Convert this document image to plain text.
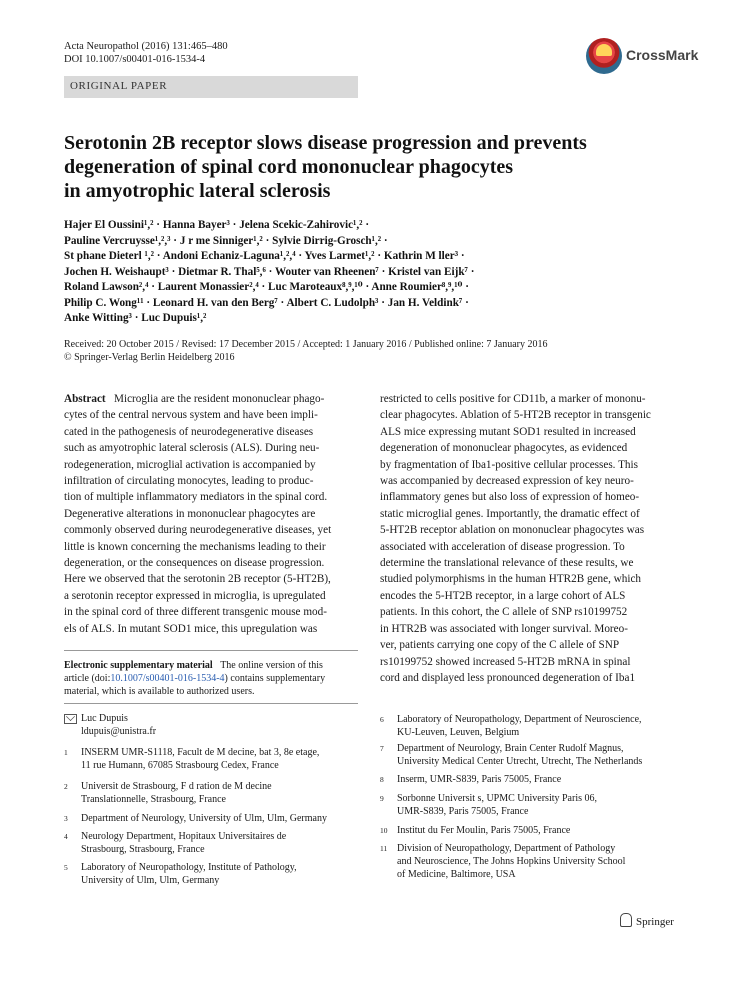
Acta Neuropathol (2016) 131:465–480
DOI 10.1007/s00401-016-1534-4	CrossMark
ORIGINAL PAPER
Serotonin 2B receptor slows disease progression and prevents
degeneration of spinal cord mononuclear phagocytes
in amyotrophic lateral sclerosis
Hajer El Oussini¹,² · Hanna Bayer³ · Jelena Scekic-Zahirovic¹,² ·
Pauline Vercruysse¹,²,³ · J r me Sinniger¹,² · Sylvie Dirrig-Grosch¹,² ·
St phane Dieterl ¹,² · Andoni Echaniz-Laguna¹,²,⁴ · Yves Larmet¹,² · Kathrin M ller³ ·
Jochen H. Weishaupt³ · Dietmar R. Thal⁵,⁶ · Wouter van Rheenen⁷ · Kristel van Eijk⁷ ·
Roland Lawson²,⁴ · Laurent Monassier²,⁴ · Luc Maroteaux⁸,⁹,¹⁰ · Anne Roumier⁸,⁹,¹⁰ ·
Philip C. Wong¹¹ · Leonard H. van den Berg⁷ · Albert C. Ludolph³ · Jan H. Veldink⁷ ·
Anke Witting³ · Luc Dupuis¹,²
Received: 20 October 2015 / Revised: 17 December 2015 / Accepted: 1 January 2016 / Published online: 7 January 2016
© Springer-Verlag Berlin Heidelberg 2016
Abstract Microglia are the resident mononuclear phago-
cytes of the central nervous system and have been impli-
cated in the pathogenesis of neurodegenerative diseases
such as amyotrophic lateral sclerosis (ALS). During neu-
rodegeneration, microglial activation is accompanied by
infiltration of circulating monocytes, leading to produc-
tion of multiple inflammatory mediators in the spinal cord.
Degenerative alterations in mononuclear phagocytes are
commonly observed during neurodegenerative diseases, yet
little is known concerning the mechanisms leading to their
degeneration, or the consequences on disease progression.
Here we observed that the serotonin 2B receptor (5-HT2B),
a serotonin receptor expressed in microglia, is upregulated
in the spinal cord of three different transgenic mouse mod-
els of ALS. In mutant SOD1 mice, this upregulation was
restricted to cells positive for CD11b, a marker of mononu-
clear phagocytes. Ablation of 5-HT2B receptor in transgenic
ALS mice expressing mutant SOD1 resulted in increased
degeneration of mononuclear phagocytes, as evidenced
by fragmentation of Iba1-positive cellular processes. This
was accompanied by decreased expression of key neuro-
inflammatory genes but also loss of expression of homeo-
static microglial genes. Importantly, the dramatic effect of
5-HT2B receptor ablation on mononuclear phagocytes was
associated with acceleration of disease progression. To
determine the translational relevance of these results, we
studied polymorphisms in the human HTR2B gene, which
encodes the 5-HT2B receptor, in a large cohort of ALS
patients. In this cohort, the C allele of SNP rs10199752
in HTR2B was associated with longer survival. Moreo-
ver, patients carrying one copy of the C allele of SNP
rs10199752 showed increased 5-HT2B mRNA in spinal
cord and displayed less pronounced degeneration of Iba1
Electronic supplementary material The online version of this
article (doi:10.1007/s00401-016-1534-4) contains supplementary
material, which is available to authorized users.
Luc Dupuis
ldupuis@unistra.fr
1 INSERM UMR-S1118, Facult de M decine, bat 3, 8e etage,
11 rue Humann, 67085 Strasbourg Cedex, France
2 Universit de Strasbourg, F d ration de M decine
Translationnelle, Strasbourg, France
3 Department of Neurology, University of Ulm, Ulm, Germany
4 Neurology Department, Hopitaux Universitaires de
Strasbourg, Strasbourg, France
5 Laboratory of Neuropathology, Institute of Pathology,
University of Ulm, Ulm, Germany
6 Laboratory of Neuropathology, Department of Neuroscience,
KU-Leuven, Leuven, Belgium
7 Department of Neurology, Brain Center Rudolf Magnus,
University Medical Center Utrecht, Utrecht, The Netherlands
8 Inserm, UMR-S839, Paris 75005, France
9 Sorbonne Universit s, UPMC University Paris 06,
UMR-S839, Paris 75005, France
10 Institut du Fer Moulin, Paris 75005, France
11 Division of Neuropathology, Department of Pathology
and Neuroscience, The Johns Hopkins University School
of Medicine, Baltimore, USA
Springer
